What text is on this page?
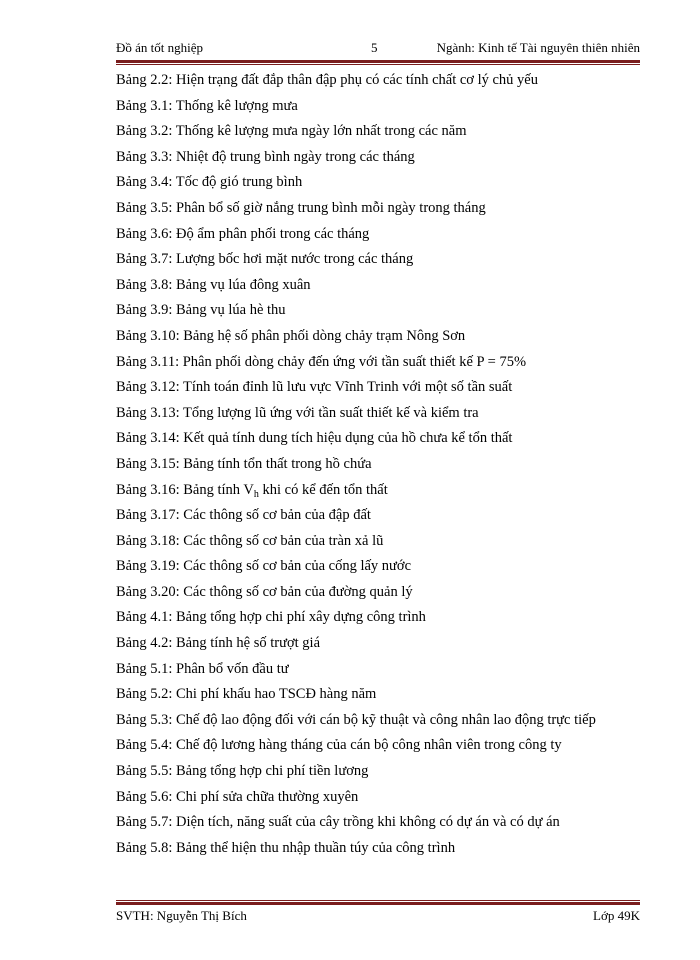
Đồ án tốt nghiệp	5	Ngành: Kinh tế Tài nguyên thiên nhiên
Bảng 2.2: Hiện trạng đất đắp thân đập phụ có các tính chất cơ lý chủ yếu
Bảng 3.1: Thống kê lượng mưa
Bảng 3.2: Thống kê lượng mưa ngày lớn nhất trong các năm
Bảng 3.3: Nhiệt độ trung bình ngày trong các tháng
Bảng 3.4: Tốc độ gió trung bình
Bảng 3.5: Phân bổ số giờ nắng trung bình mỗi ngày trong tháng
Bảng 3.6: Độ ẩm phân phối trong các tháng
Bảng 3.7: Lượng bốc hơi mặt nước trong các tháng
Bảng 3.8: Bảng vụ lúa đông xuân
Bảng 3.9: Bảng vụ lúa hè thu
Bảng 3.10: Bảng hệ số phân phối dòng chảy trạm Nông Sơn
Bảng 3.11: Phân phối dòng chảy đến ứng với tần suất thiết kế P = 75%
Bảng 3.12: Tính toán đỉnh lũ lưu vực Vĩnh Trinh với một số tần suất
Bảng 3.13: Tổng lượng lũ ứng với tần suất thiết kế và kiểm tra
Bảng 3.14: Kết quả tính dung tích hiệu dụng của hồ chưa kể tổn thất
Bảng 3.15: Bảng tính tổn thất trong hồ chứa
Bảng 3.16: Bảng tính $V_h$ khi có kể đến tổn thất
Bảng 3.17: Các thông số cơ bản của đập đất
Bảng 3.18: Các thông số cơ bản của tràn xả lũ
Bảng 3.19: Các thông số cơ bản của cống lấy nước
Bảng 3.20: Các thông số cơ bản của đường quản lý
Bảng 4.1: Bảng tổng hợp chi phí xây dựng công trình
Bảng 4.2: Bảng tính hệ số trượt giá
Bảng 5.1: Phân bổ vốn đầu tư
Bảng 5.2: Chi phí khấu hao TSCĐ hàng năm
Bảng 5.3: Chế độ lao động đối với cán bộ kỹ thuật và công nhân lao động trực tiếp
Bảng 5.4: Chế độ lương hàng tháng của cán bộ công nhân viên trong công ty
Bảng 5.5: Bảng tổng hợp chi phí tiền lương
Bảng 5.6: Chi phí sửa chữa thường xuyên
Bảng 5.7: Diện tích, năng suất của cây trồng khi không có dự án và có dự án
Bảng 5.8: Bảng thể hiện thu nhập thuần túy của công trình
SVTH: Nguyễn Thị Bích	Lớp 49K
